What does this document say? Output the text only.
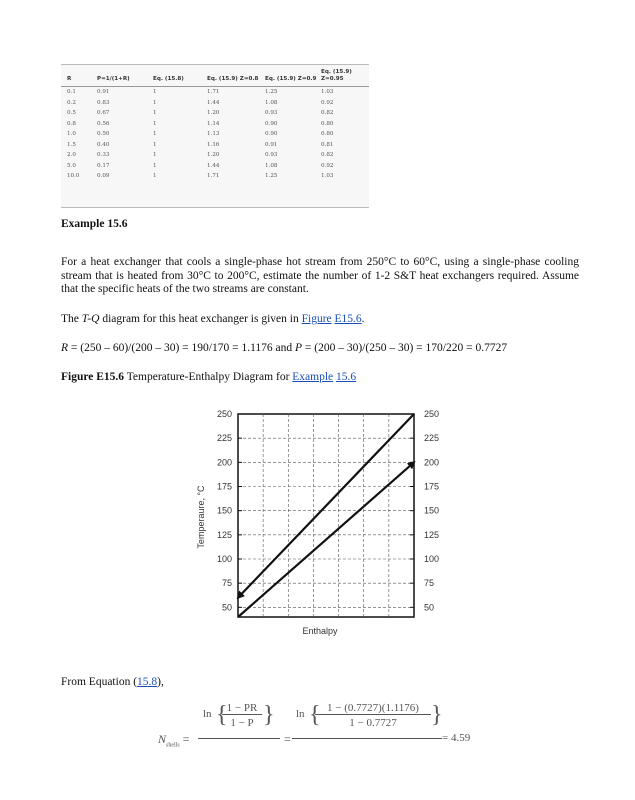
R	P=1/(1+R)	Eq. (15.8)	Eq. (15.9) Z=0.8	Eq. (15.9) Z=0.9	Eq. (15.9) Z=0.95
0.1	0.91	1	1.71	1.25	1.03
0.2	0.83	1	1.44	1.08	0.92
0.5	0.67	1	1.20	0.93	0.82
0.8	0.56	1	1.14	0.90	0.80
1.0	0.50	1	1.13	0.90	0.80
1.5	0.40	1	1.16	0.91	0.81
2.0	0.33	1	1.20	0.93	0.82
5.0	0.17	1	1.44	1.08	0.92
10.0	0.09	1	1.71	1.25	1.03
Example 15.6
For a heat exchanger that cools a single-phase hot stream from 250°C to 60°C, using a single-phase cooling stream that is heated from 30°C to 200°C, estimate the number of 1-2 S&T heat exchangers required. Assume that the specific heats of the two streams are constant.
The T-Q diagram for this heat exchanger is given in Figure E15.6.
R = (250 – 60)/(200 – 30) = 190/170 = 1.1176 and P = (200 – 30)/(250 – 30) = 170/220 = 0.7727
Figure E15.6 Temperature-Enthalpy Diagram for Example 15.6
50
75
100
125
150
175
200
225
250
50
75
100
125
150
175
200
225
250
Enthalpy
Temperaure, °C
From Equation (15.8),
$N_{shells}$ =
ln { 1 − PR
1 − P }
=
ln { 1 − (0.7727)(1.1176)
1 − 0.7727	}
= 4.59
